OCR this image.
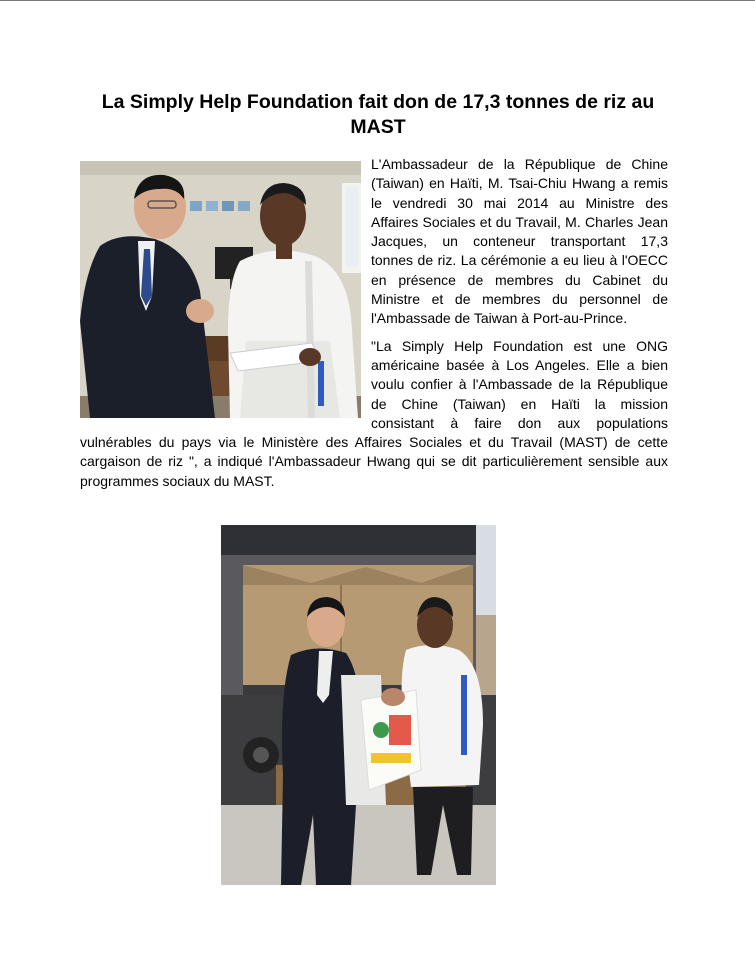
La Simply Help Foundation fait don de 17,3 tonnes de riz au MAST

L'Ambassadeur de la République de Chine (Taiwan) en Haïti, M. Tsai-Chiu Hwang a remis le vendredi 30 mai 2014 au Ministre des Affaires Sociales et du Travail, M. Charles Jean Jacques, un conteneur transportant 17,3 tonnes de riz. La cérémonie a eu lieu à l'OECC en présence de membres du Cabinet du Ministre et de membres du personnel de l'Ambassade de Taiwan à Port-au-Prince.

"La Simply Help Foundation est une ONG américaine basée à Los Angeles. Elle a bien voulu confier à l'Ambassade de la République de Chine (Taiwan) en Haïti la mission consistant à faire don aux populations vulnérables du pays via le Ministère des Affaires Sociales et du Travail (MAST) de cette cargaison de riz ", a indiqué l'Ambassadeur Hwang qui se dit particulièrement sensible aux programmes sociaux du MAST.
